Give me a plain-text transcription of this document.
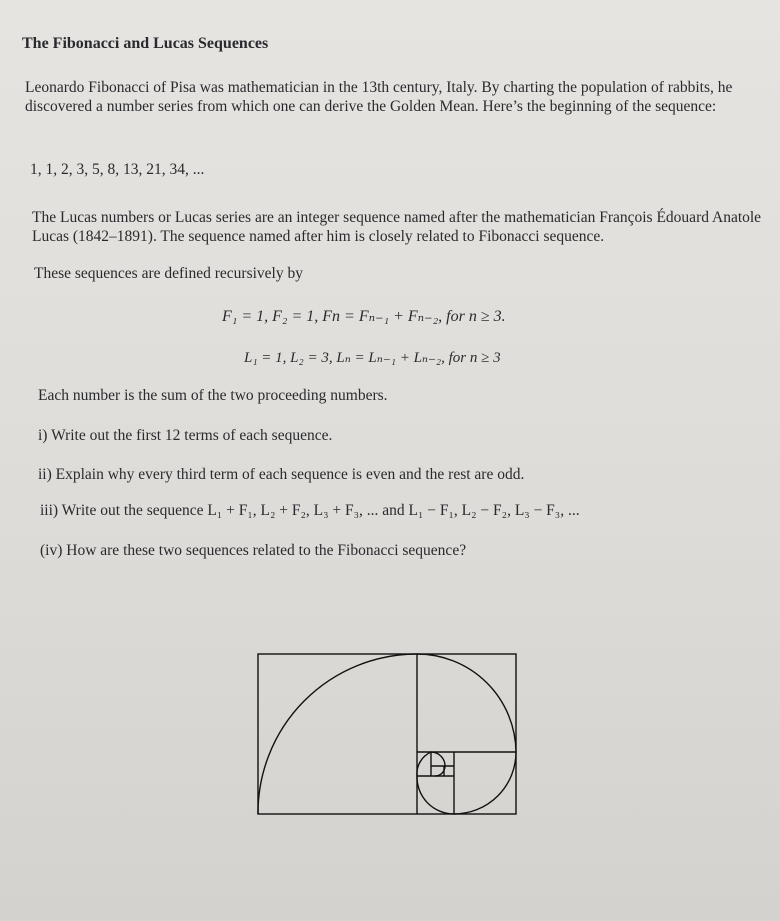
The Fibonacci and Lucas Sequences
Leonardo Fibonacci of Pisa was mathematician in the 13th century, Italy. By charting the population of rabbits, he discovered a number series from which one can derive the Golden Mean. Here’s the beginning of the sequence:
1, 1, 2, 3, 5, 8, 13, 21, 34, ...
The Lucas numbers or Lucas series are an integer sequence named after the mathematician François Édouard Anatole Lucas (1842–1891). The sequence named after him is closely related to Fibonacci sequence.
These sequences are defined recursively by
F₁ = 1, F₂ = 1, Fn = Fₙ₋₁ + Fₙ₋₂, for n ≥ 3.
L₁ = 1, L₂ = 3, Lₙ = Lₙ₋₁ + Lₙ₋₂, for n ≥ 3
Each number is the sum of the two proceeding numbers.
i) Write out the first 12 terms of each sequence.
ii) Explain why every third term of each sequence is even and the rest are odd.
iii) Write out the sequence L₁ + F₁, L₂ + F₂, L₃ + F₃, ... and L₁ − F₁, L₂ − F₂, L₃ − F₃, ...
(iv) How are these two sequences related to the Fibonacci sequence?
